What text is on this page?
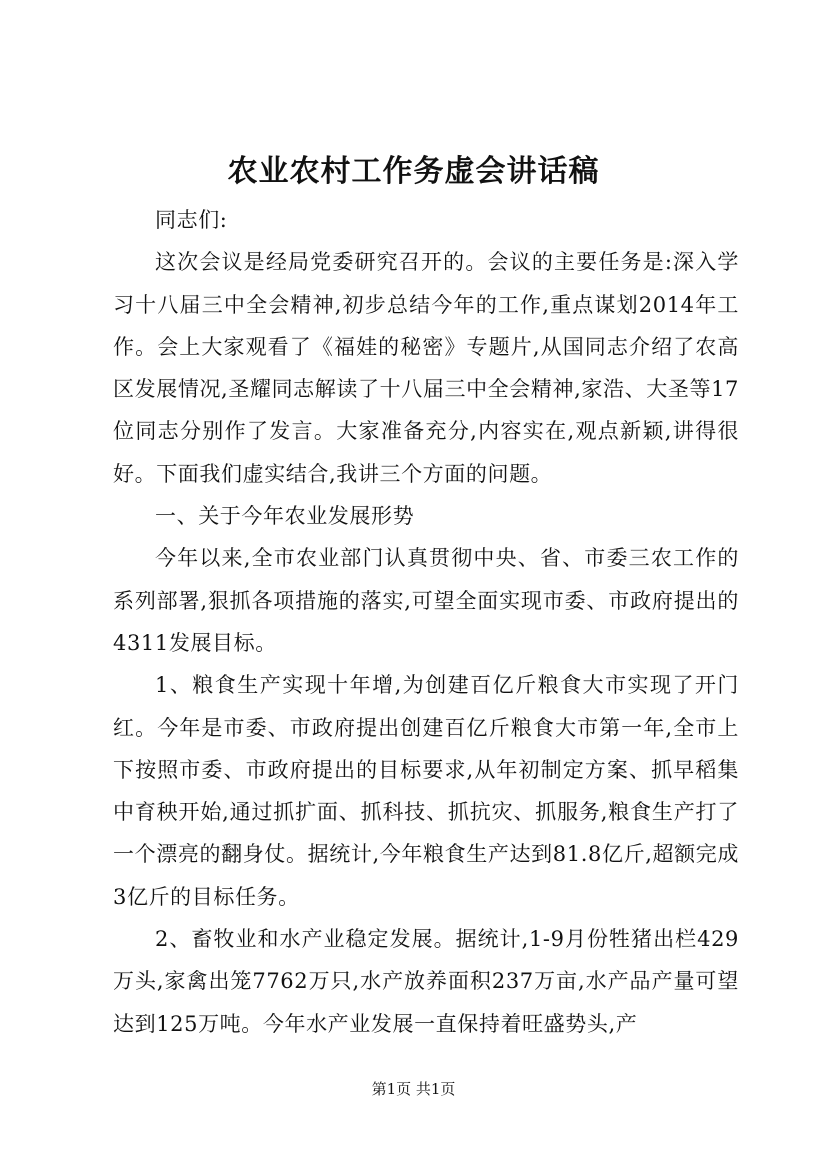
农业农村工作务虚会讲话稿

同志们:

这次会议是经局党委研究召开的。会议的主要任务是:深入学习十八届三中全会精神,初步总结今年的工作,重点谋划2014年工作。会上大家观看了《福娃的秘密》专题片,从国同志介绍了农高区发展情况,圣耀同志解读了十八届三中全会精神,家浩、大圣等17位同志分别作了发言。大家准备充分,内容实在,观点新颖,讲得很好。下面我们虚实结合,我讲三个方面的问题。

一、关于今年农业发展形势

今年以来,全市农业部门认真贯彻中央、省、市委三农工作的系列部署,狠抓各项措施的落实,可望全面实现市委、市政府提出的4311发展目标。

1、粮食生产实现十年增,为创建百亿斤粮食大市实现了开门红。今年是市委、市政府提出创建百亿斤粮食大市第一年,全市上下按照市委、市政府提出的目标要求,从年初制定方案、抓早稻集中育秧开始,通过抓扩面、抓科技、抓抗灾、抓服务,粮食生产打了一个漂亮的翻身仗。据统计,今年粮食生产达到81.8亿斤,超额完成3亿斤的目标任务。

2、畜牧业和水产业稳定发展。据统计,1-9月份牲猪出栏429万头,家禽出笼7762万只,水产放养面积237万亩,水产品产量可望达到125万吨。今年水产业发展一直保持着旺盛势头,产

第1页 共1页
